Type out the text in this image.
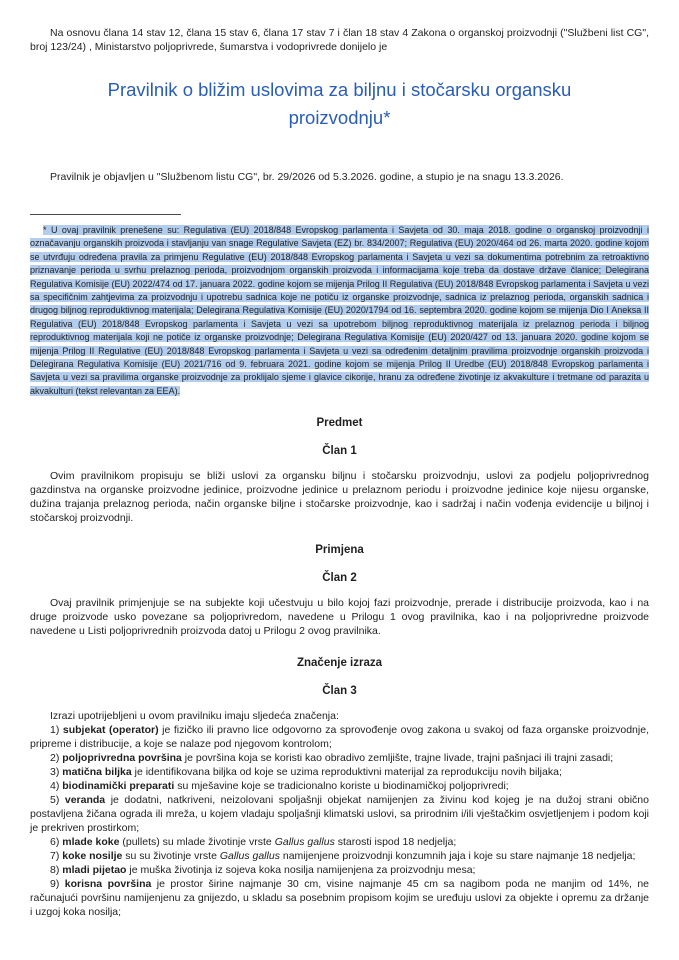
Na osnovu člana 14 stav 12, člana 15 stav 6, člana 17 stav 7 i član 18 stav 4 Zakona o organskoj proizvodnji ("Službeni list CG", broj 123/24) , Ministarstvo poljoprivrede, šumarstva i vodoprivrede donijelo je

Pravilnik o bližim uslovima za biljnu i stočarsku organsku proizvodnju*

Pravilnik je objavljen u "Službenom listu CG", br. 29/2026 od 5.3.2026. godine, a stupio je na snagu 13.3.2026.

* U ovaj pravilnik prenešene su: Regulativa (EU) 2018/848 Evropskog parlamenta i Savjeta od 30. maja 2018. godine o organskoj proizvodnji i označavanju organskih proizvoda i stavljanju van snage Regulative Savjeta (EZ) br. 834/2007; Regulativa (EU) 2020/464 od 26. marta 2020. godine kojom se utvrđuju određena pravila za primjenu Regulative (EU) 2018/848 Evropskog parlamenta i Savjeta u vezi sa dokumentima potrebnim za retroaktivno priznavanje perioda u svrhu prelaznog perioda, proizvodnjom organskih proizvoda i informacijama koje treba da dostave države članice; Delegirana Regulativa Komisije (EU) 2022/474 od 17. januara 2022. godine kojom se mijenja Prilog II Regulativa (EU) 2018/848 Evropskog parlamenta i Savjeta u vezi sa specifičnim zahtjevima za proizvodnju i upotrebu sadnica koje ne potiču iz organske proizvodnje, sadnica iz prelaznog perioda, organskih sadnica i drugog biljnog reproduktivnog materijala; Delegirana Regulativa Komisije (EU) 2020/1794 od 16. septembra 2020. godine kojom se mijenja Dio I Aneksa II Regulativa (EU) 2018/848 Evropskog parlamenta i Savjeta u vezi sa upotrebom biljnog reproduktivnog materijala iz prelaznog perioda i biljnog reproduktivnog materijala koji ne potiče iz organske proizvodnje; Delegirana Regulativa Komisije (EU) 2020/427 od 13. januara 2020. godine kojom se mijenja Prilog II Regulative (EU) 2018/848 Evropskog parlamenta i Savjeta u vezi sa određenim detaljnim pravilima proizvodnje organskih proizvoda i Delegirana Regulativa Komisije (EU) 2021/716 od 9. februara 2021. godine kojom se mijenja Prilog II Uredbe (EU) 2018/848 Evropskog parlamenta i Savjeta u vezi sa pravilima organske proizvodnje za proklijalo sjeme i glavice cikorije, hranu za određene životinje iz akvakulture i tretmane od parazita u akvakulturi (tekst relevantan za EEA).

Predmet
Član 1

Ovim pravilnikom propisuju se bliži uslovi za organsku biljnu i stočarsku proizvodnju, uslovi za podjelu poljoprivrednog gazdinstva na organske proizvodne jedinice, proizvodne jedinice u prelaznom periodu i proizvodne jedinice koje nijesu organske, dužina trajanja prelaznog perioda, način organske biljne i stočarske proizvodnje, kao i sadržaj i način vođenja evidencije u biljnoj i stočarskoj proizvodnji.

Primjena
Član 2

Ovaj pravilnik primjenjuje se na subjekte koji učestvuju u bilo kojoj fazi proizvodnje, prerade i distribucije proizvoda, kao i na druge proizvode usko povezane sa poljoprivredom, navedene u Prilogu 1 ovog pravilnika, kao i na poljoprivredne proizvode navedene u Listi poljoprivrednih proizvoda datoj u Prilogu 2 ovog pravilnika.

Značenje izraza
Član 3

Izrazi upotrijebljeni u ovom pravilniku imaju sljedeća značenja:

1) subjekat (operator) je fizičko ili pravno lice odgovorno za sprovođenje ovog zakona u svakoj od faza organske proizvodnje, pripreme i distribucije, a koje se nalaze pod njegovom kontrolom;

2) poljoprivredna površina je površina koja se koristi kao obradivo zemljište, trajne livade, trajni pašnjaci ili trajni zasadi;

3) matična biljka je identifikovana biljka od koje se uzima reproduktivni materijal za reprodukciju novih biljaka;

4) biodinamički preparati su mješavine koje se tradicionalno koriste u biodinamičkoj poljoprivredi;

5) veranda je dodatni, natkriveni, neizolovani spoljašnji objekat namijenjen za živinu kod kojeg je na dužoj strani obično postavljena žičana ograda ili mreža, u kojem vladaju spoljašnji klimatski uslovi, sa prirodnim i/ili vještačkim osvjetljenjem i podom koji je prekriven prostirkom;

6) mlade koke (pullets) su mlade životinje vrste Gallus gallus starosti ispod 18 nedjelja;

7) koke nosilje su su životinje vrste Gallus gallus namijenjene proizvodnji konzumnih jaja i koje su stare najmanje 18 nedjelja;

8) mladi pijetao je muška životinja iz sojeva koka nosilja namijenjena za proizvodnju mesa;

9) korisna površina je prostor širine najmanje 30 cm, visine najmanje 45 cm sa nagibom poda ne manjim od 14%, ne računajući površinu namijenjenu za gnijezdo, u skladu sa posebnim propisom kojim se uređuju uslovi za objekte i opremu za držanje i uzgoj koka nosilja;
